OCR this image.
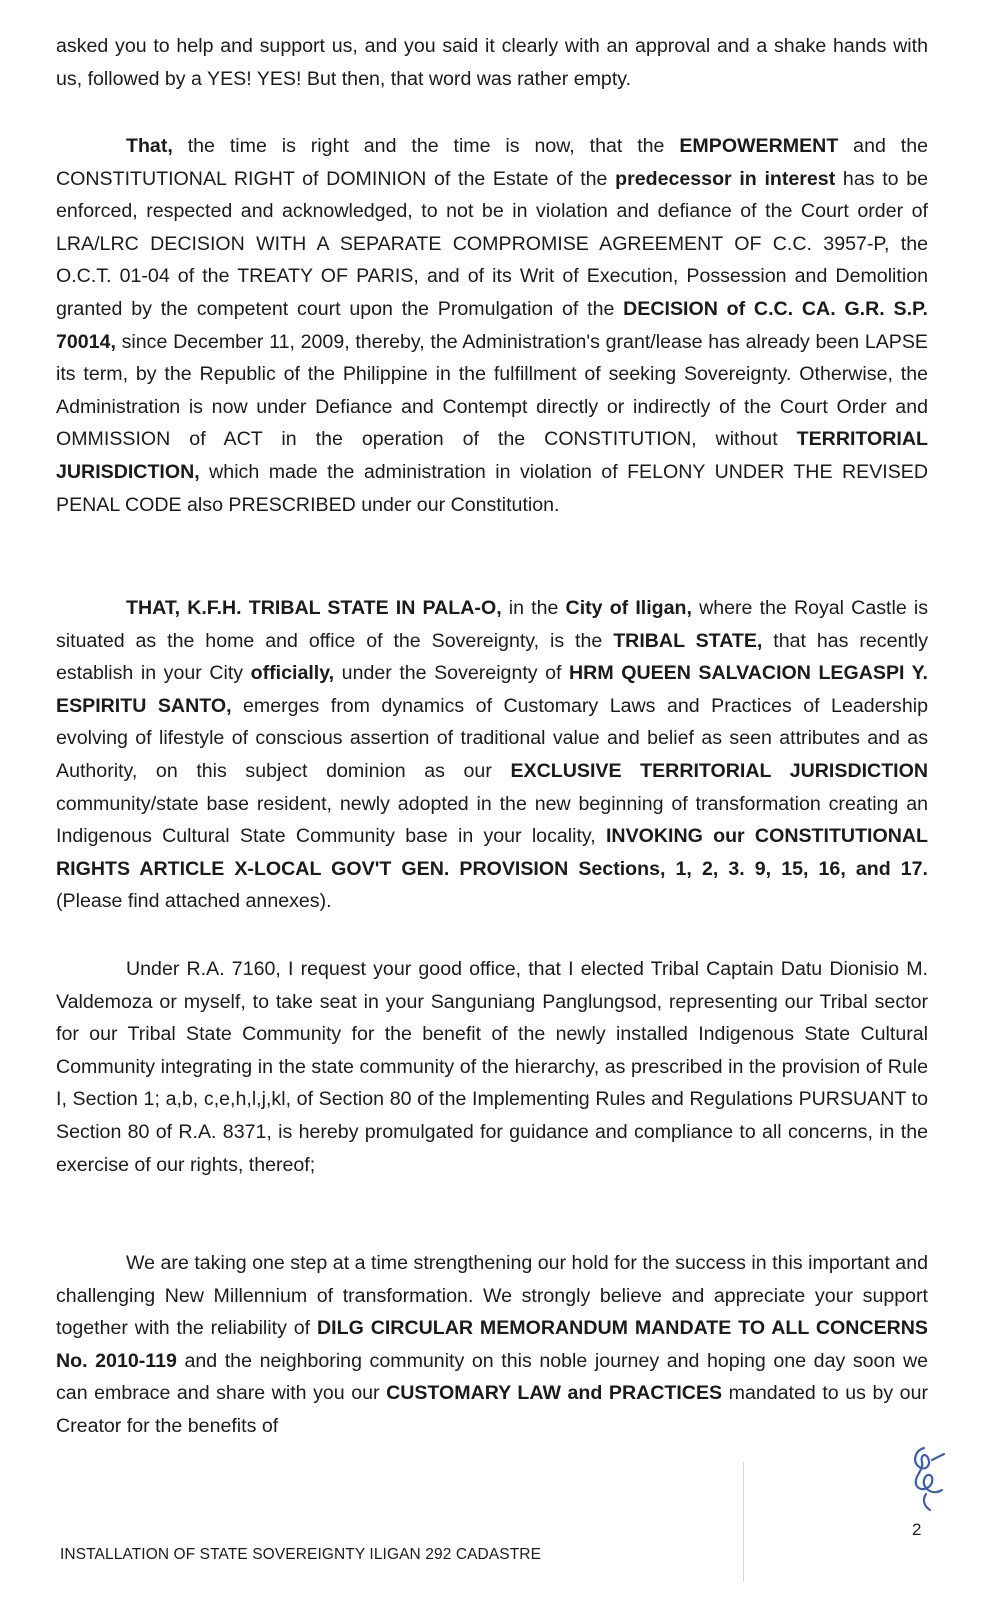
asked you to help and support us, and you said it clearly with an approval and a shake hands with us, followed by a YES! YES! But then, that word was rather empty.

That, the time is right and the time is now, that the EMPOWERMENT and the CONSTITUTIONAL RIGHT of DOMINION of the Estate of the predecessor in interest has to be enforced, respected and acknowledged, to not be in violation and defiance of the Court order of LRA/LRC DECISION WITH A SEPARATE COMPROMISE AGREEMENT OF C.C. 3957-P, the O.C.T. 01-04 of the TREATY OF PARIS, and of its Writ of Execution, Possession and Demolition granted by the competent court upon the Promulgation of the DECISION of C.C. CA. G.R. S.P. 70014, since December 11, 2009, thereby, the Administration's grant/lease has already been LAPSE its term, by the Republic of the Philippine in the fulfillment of seeking Sovereignty. Otherwise, the Administration is now under Defiance and Contempt directly or indirectly of the Court Order and OMMISSION of ACT in the operation of the CONSTITUTION, without TERRITORIAL JURISDICTION, which made the administration in violation of FELONY UNDER THE REVISED PENAL CODE also PRESCRIBED under our Constitution.

THAT, K.F.H. TRIBAL STATE IN PALA-O, in the City of Iligan, where the Royal Castle is situated as the home and office of the Sovereignty, is the TRIBAL STATE, that has recently establish in your City officially, under the Sovereignty of HRM QUEEN SALVACION LEGASPI Y. ESPIRITU SANTO, emerges from dynamics of Customary Laws and Practices of Leadership evolving of lifestyle of conscious assertion of traditional value and belief as seen attributes and as Authority, on this subject dominion as our EXCLUSIVE TERRITORIAL JURISDICTION community/state base resident, newly adopted in the new beginning of transformation creating an Indigenous Cultural State Community base in your locality, INVOKING our CONSTITUTIONAL RIGHTS ARTICLE X-LOCAL GOV'T GEN. PROVISION Sections, 1, 2, 3. 9, 15, 16, and 17. (Please find attached annexes).

Under R.A. 7160, I request your good office, that I elected Tribal Captain Datu Dionisio M. Valdemoza or myself, to take seat in your Sanguniang Panglungsod, representing our Tribal sector for our Tribal State Community for the benefit of the newly installed Indigenous State Cultural Community integrating in the state community of the hierarchy, as prescribed in the provision of Rule I, Section 1; a,b, c,e,h,l,j,kl, of Section 80 of the Implementing Rules and Regulations PURSUANT to Section 80 of R.A. 8371, is hereby promulgated for guidance and compliance to all concerns, in the exercise of our rights, thereof;

We are taking one step at a time strengthening our hold for the success in this important and challenging New Millennium of transformation. We strongly believe and appreciate your support together with the reliability of DILG CIRCULAR MEMORANDUM MANDATE TO ALL CONCERNS No. 2010-119 and the neighboring community on this noble journey and hoping one day soon we can embrace and share with you our CUSTOMARY LAW and PRACTICES mandated to us by our Creator for the benefits of

2
INSTALLATION OF STATE SOVEREIGNTY ILIGAN 292 CADASTRE
